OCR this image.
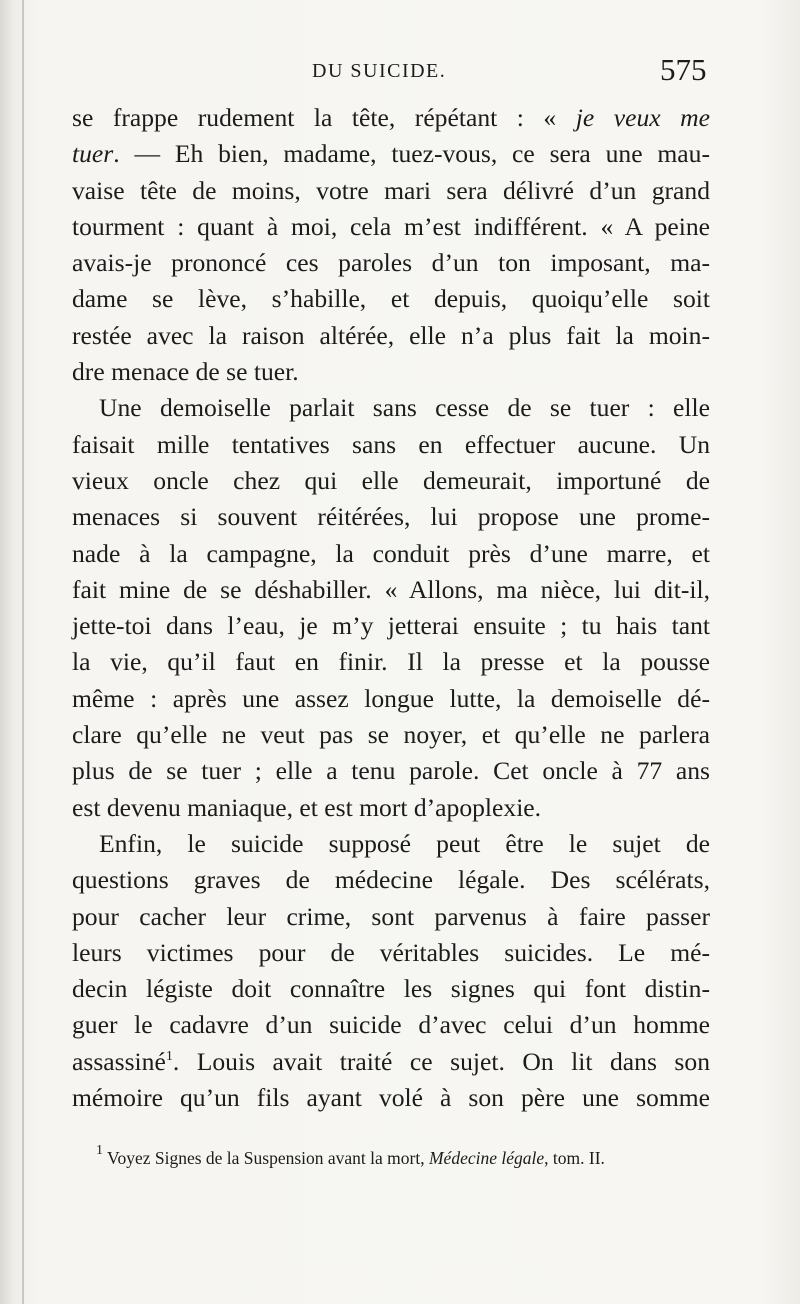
DU SUICIDE.	575
se frappe rudement la tête, répétant : « je veux me
tuer. — Eh bien, madame, tuez-vous, ce sera une mau-
vaise tête de moins, votre mari sera délivré d’un grand
tourment : quant à moi, cela m’est indifférent. « A peine
avais-je prononcé ces paroles d’un ton imposant, ma-
dame se lève, s’habille, et depuis, quoiqu’elle soit
restée avec la raison altérée, elle n’a plus fait la moin-
dre menace de se tuer.
Une demoiselle parlait sans cesse de se tuer : elle
faisait mille tentatives sans en effectuer aucune. Un
vieux oncle chez qui elle demeurait, importuné de
menaces si souvent réitérées, lui propose une prome-
nade à la campagne, la conduit près d’une marre, et
fait mine de se déshabiller. « Allons, ma nièce, lui dit-il,
jette-toi dans l’eau, je m’y jetterai ensuite ; tu hais tant
la vie, qu’il faut en finir. Il la presse et la pousse
même : après une assez longue lutte, la demoiselle dé-
clare qu’elle ne veut pas se noyer, et qu’elle ne parlera
plus de se tuer ; elle a tenu parole. Cet oncle à 77 ans
est devenu maniaque, et est mort d’apoplexie.
Enfin, le suicide supposé peut être le sujet de
questions graves de médecine légale. Des scélérats,
pour cacher leur crime, sont parvenus à faire passer
leurs victimes pour de véritables suicides. Le mé-
decin légiste doit connaître les signes qui font distin-
guer le cadavre d’un suicide d’avec celui d’un homme
assassiné$^1$. Louis avait traité ce sujet. On lit dans son
mémoire qu’un fils ayant volé à son père une somme
$^1$ Voyez Signes de la Suspension avant la mort, Médecine légale, tom. II.
